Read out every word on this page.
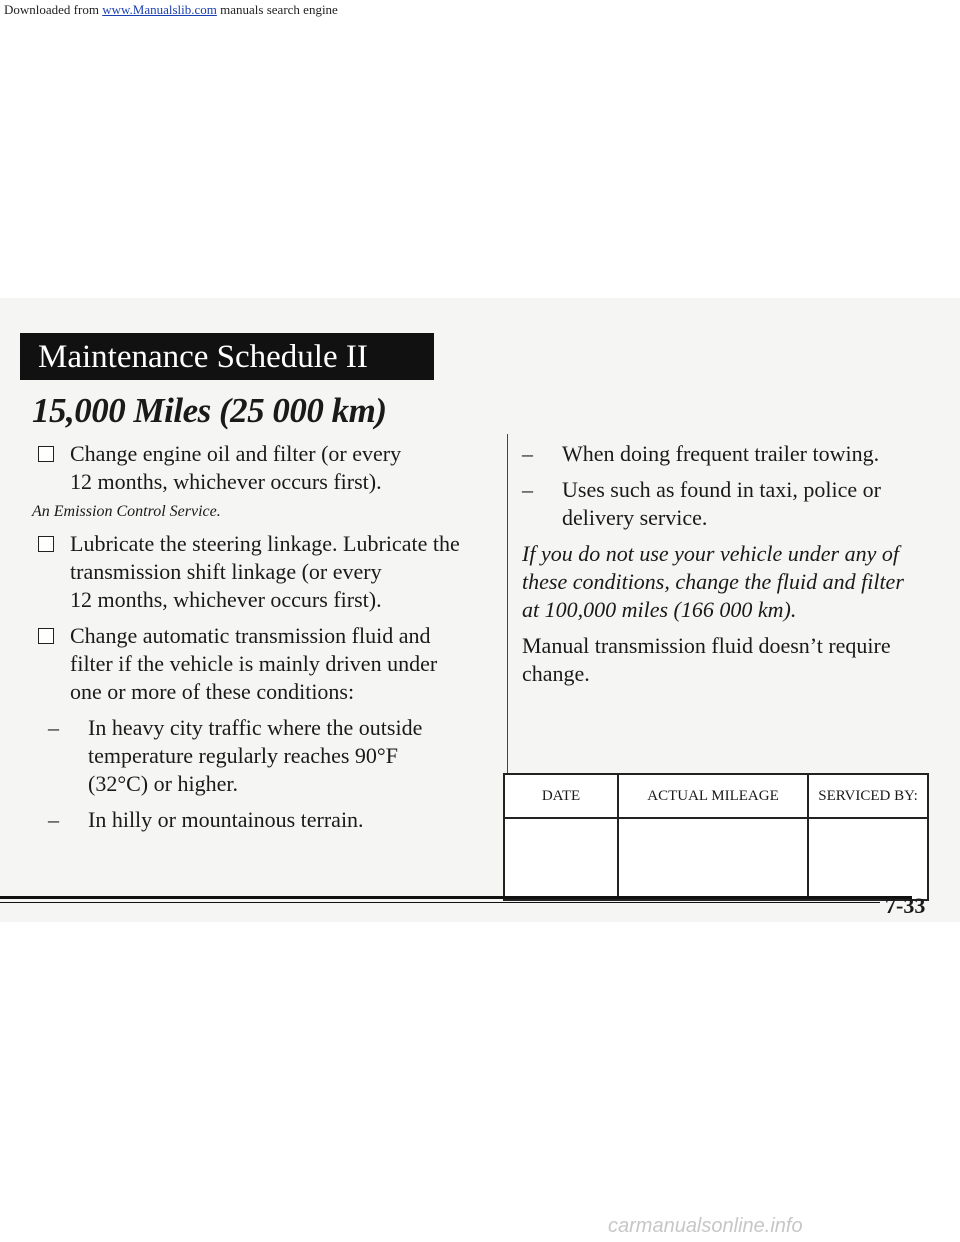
Downloaded from www.Manualslib.com manuals search engine
Maintenance Schedule II
15,000 Miles (25 000 km)
Change engine oil and filter (or every
12 months, whichever occurs first).
An Emission Control Service.
Lubricate the steering linkage. Lubricate the
transmission shift linkage (or every
12 months, whichever occurs first).
Change automatic transmission fluid and
filter if the vehicle is mainly driven under
one or more of these conditions:
– In heavy city traffic where the outside
temperature regularly reaches 90°F
(32°C) or higher.
– In hilly or mountainous terrain.
– When doing frequent trailer towing.
– Uses such as found in taxi, police or
delivery service.
If you do not use your vehicle under any of
these conditions, change the fluid and filter
at 100,000 miles (166 000 km).
Manual transmission fluid doesn’t require
change.
DATE	ACTUAL MILEAGE	SERVICED BY:

7-33
carmanualsonline.info
